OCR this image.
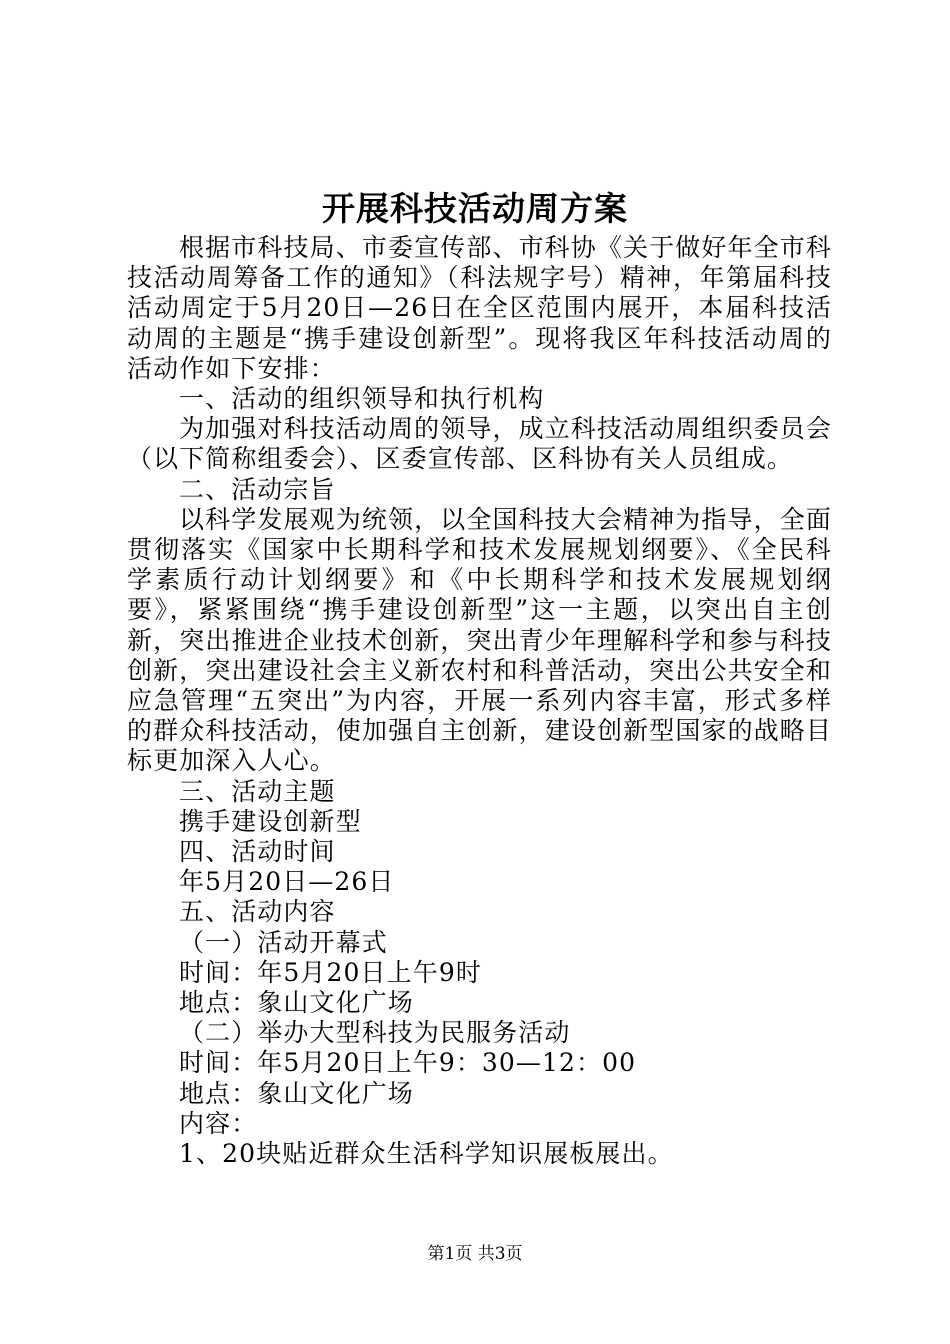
开展科技活动周方案

根据市科技局、市委宣传部、市科协《关于做好年全市科技活动周筹备工作的通知》（科法规字号）精神，年第届科技活动周定于5月20日—26日在全区范围内展开，本届科技活动周的主题是“携手建设创新型”。现将我区年科技活动周的活动作如下安排：

一、活动的组织领导和执行机构

为加强对科技活动周的领导，成立科技活动周组织委员会（以下简称组委会）、区委宣传部、区科协有关人员组成。

二、活动宗旨

以科学发展观为统领，以全国科技大会精神为指导，全面贯彻落实《国家中长期科学和技术发展规划纲要》、《全民科学素质行动计划纲要》和《中长期科学和技术发展规划纲要》，紧紧围绕“携手建设创新型”这一主题，以突出自主创新，突出推进企业技术创新，突出青少年理解科学和参与科技创新，突出建设社会主义新农村和科普活动，突出公共安全和应急管理“五突出”为内容，开展一系列内容丰富，形式多样的群众科技活动，使加强自主创新，建设创新型国家的战略目标更加深入人心。

三、活动主题

携手建设创新型

四、活动时间

年5月20日—26日

五、活动内容

（一）活动开幕式

时间：年5月20日上午9时

地点：象山文化广场

（二）举办大型科技为民服务活动

时间：年5月20日上午9：30—12：00

地点：象山文化广场

内容：

1、20块贴近群众生活科学知识展板展出。

第1页 共3页
